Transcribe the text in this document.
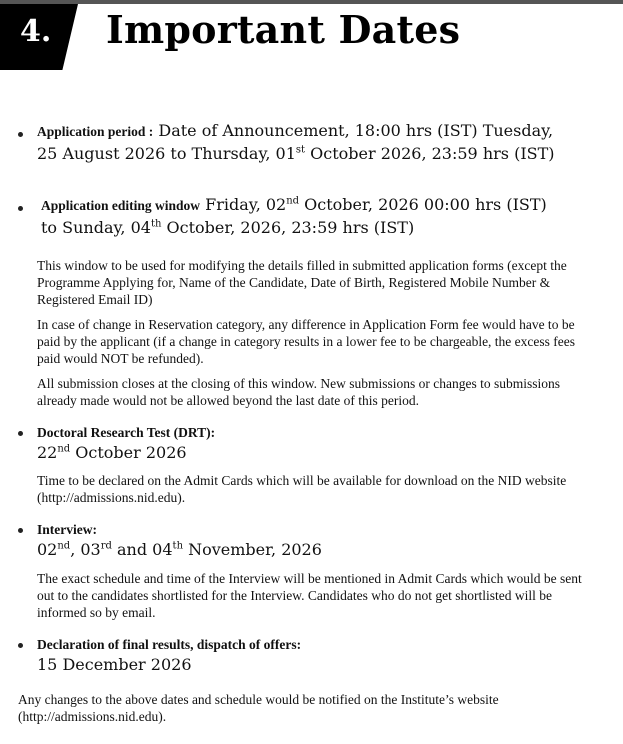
4. Important Dates
Application period : Date of Announcement, 18:00 hrs (IST) Tuesday,
25 August 2026 to Thursday, 01st October 2026, 23:59 hrs (IST)
Application editing window Friday, 02nd October, 2026 00:00 hrs (IST)
to Sunday, 04th October, 2026, 23:59 hrs (IST)

This window to be used for modifying the details filled in submitted application forms (except the Programme Applying for, Name of the Candidate, Date of Birth, Registered Mobile Number & Registered Email ID)

In case of change in Reservation category, any difference in Application Form fee would have to be paid by the applicant (if a change in category results in a lower fee to be chargeable, the excess fees paid would NOT be refunded).

All submission closes at the closing of this window. New submissions or changes to submissions already made would not be allowed beyond the last date of this period.

Doctoral Research Test (DRT):
22nd October 2026

Time to be declared on the Admit Cards which will be available for download on the NID website (http://admissions.nid.edu).

Interview:
02nd, 03rd and 04th November, 2026

The exact schedule and time of the Interview will be mentioned in Admit Cards which would be sent out to the candidates shortlisted for the Interview. Candidates who do not get shortlisted will be informed so by email.

Declaration of final results, dispatch of offers:
15 December 2026

Any changes to the above dates and schedule would be notified on the Institute’s website (http://admissions.nid.edu).
